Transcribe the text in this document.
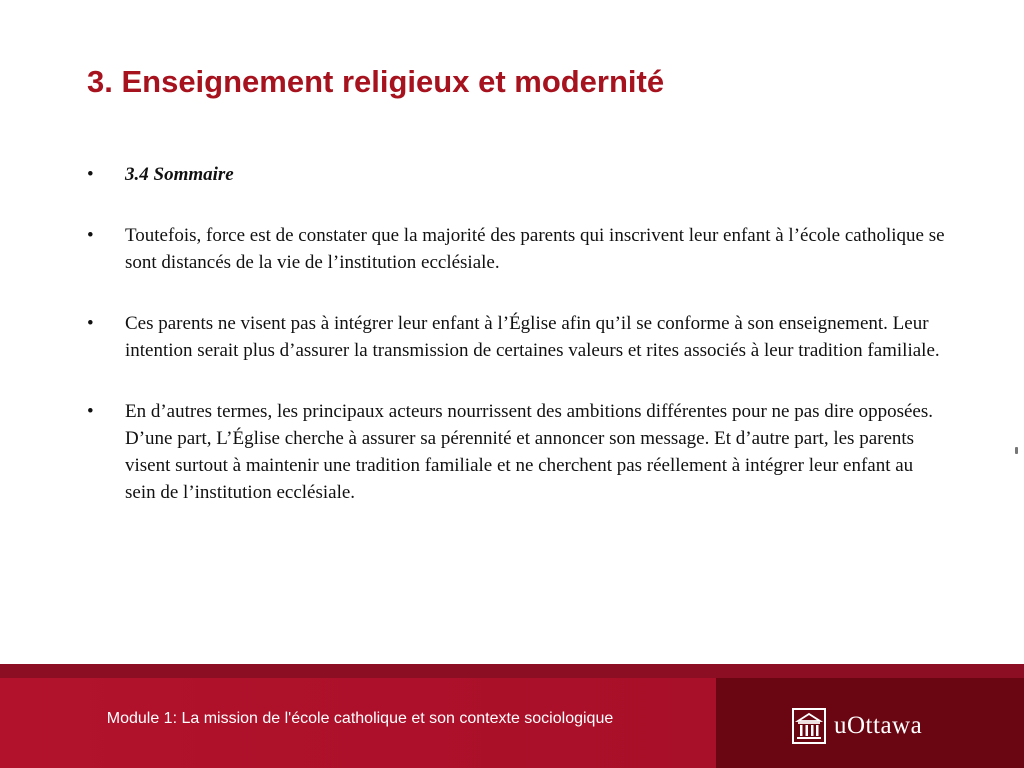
3. Enseignement religieux et modernité
•	3.4 Sommaire
•	Toutefois, force est de constater que la majorité des parents qui inscrivent leur enfant à l’école catholique se sont distancés de la vie de l’institution ecclésiale.
•	Ces parents ne visent pas à intégrer leur enfant à l’Église afin qu’il se conforme à son enseignement. Leur intention serait plus d’assurer la transmission de certaines valeurs et rites associés à leur tradition familiale.
•	En d’autres termes, les principaux acteurs nourrissent des ambitions différentes pour ne pas dire opposées. D’une part, L’Église cherche à assurer sa pérennité et annoncer son message. Et d’autre part, les parents visent surtout à maintenir une tradition familiale et ne cherchent pas réellement à intégrer leur enfant au sein de l’institution ecclésiale.

Module 1: La mission de l'école catholique et son contexte sociologique	uOttawa
